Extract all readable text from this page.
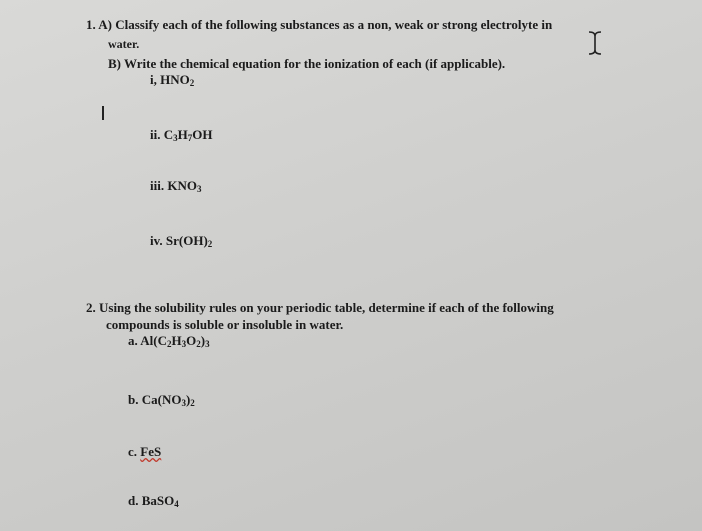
1. A) Classify each of the following substances as a non, weak or strong electrolyte in
water.
B) Write the chemical equation for the ionization of each (if applicable).
i, $HNO_2$
ii. $C_3H_7OH$
iii. $KNO_3$
iv. $Sr(OH)_2$
2. Using the solubility rules on your periodic table, determine if each of the following
compounds is soluble or insoluble in water.
a. $Al(C_2H_3O_2)_3$
b. $Ca(NO_3)_2$
c. FeS
d. BaSO$_4$
